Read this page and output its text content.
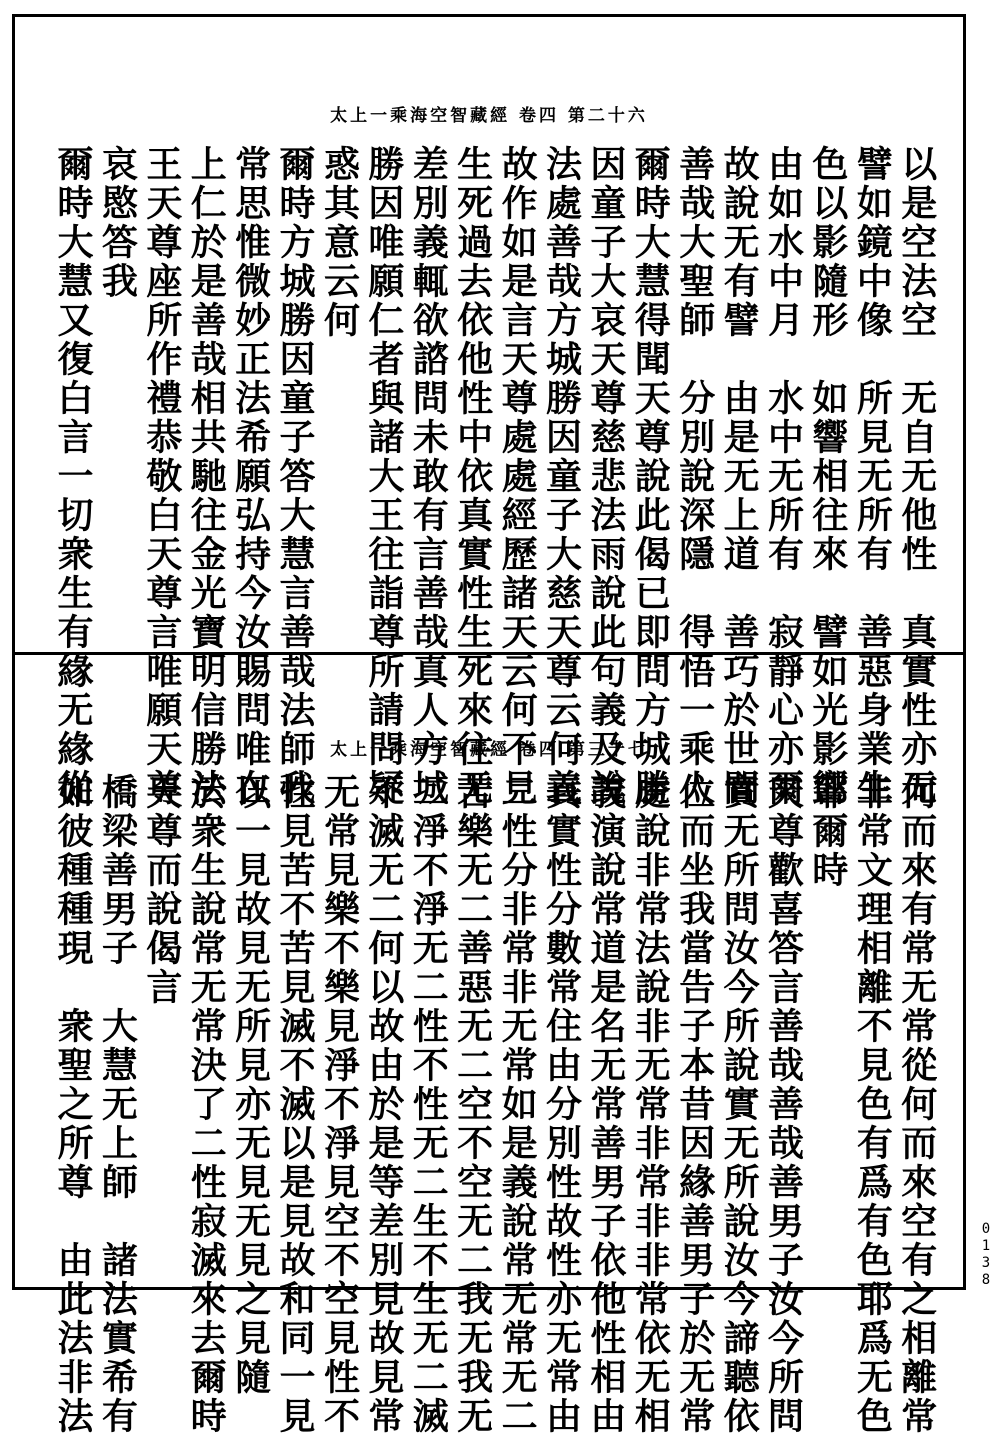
太上一乘海空智藏經 卷四 第二十六
以是空法空　无自无他性　真實性亦无
譬如鏡中像　所見无所有　善惡身業生
色以影隨形　如響相往來　譬如光影響
由如水中月　水中无所有　寂靜心亦爾
故說无有譬　由是无上道　善巧於世間
善哉大聖師　分別說深隱　得悟一乘人
爾時大慧得聞天尊說此偈已即問方城勝
因童子大哀天尊慈悲法雨說此句義及說
法處善哉方城勝因童子大慈天尊云何義
故作如是言天尊處處經歷諸天云何不見
生死過去依他性中依真實性生死來往无
差別義輒欲諮問未敢有言善哉真人方城
勝因唯願仁者與諸大王往詣尊所請問疑
惑其意云何
爾時方城勝因童子答大慧言善哉法師我
常思惟微妙正法希願弘持今汝賜問唯在
上仁於是善哉相共馳往金光寶明信勝法
王天尊座所作禮恭敬白天尊言唯願天尊
哀愍答我
爾時大慧又復白言一切衆生有緣无緣從	太上一乘海空智藏經 卷四 第三十七
何而來有常无常從何而來空有之相離常
非常文理相離不見色有爲有色耶爲无色
耶爾時
天尊歡喜答言善哉善哉善男子汝今所問
實无所問汝今所說實无所說汝今諦聽依
位而坐我當告子本昔因緣善男子於无常
處說非常法說非无常非常非非常依无相
義演說常道是名无常善男子依他性相由
真實性分數常住由分別性故性亦无常由
二性分非常非无常如是義說常无常无二
苦樂无二善惡无二空不空无二我无我无
二淨不淨无二性不性无二生不生无二滅
不滅无二何以故由於是等差別見故見常
无常見樂不樂見淨不淨見空不空見性不
性見苦不苦見滅不滅以是見故和同一見
以一見故見无所見亦无見无見之見隨
於衆生說常无常決了二性寂滅來去爾時
天尊而說偈言
橋梁善男子　大慧无上師　諸法實希有
如彼種種現　衆聖之所尊　由此法非法	0138
